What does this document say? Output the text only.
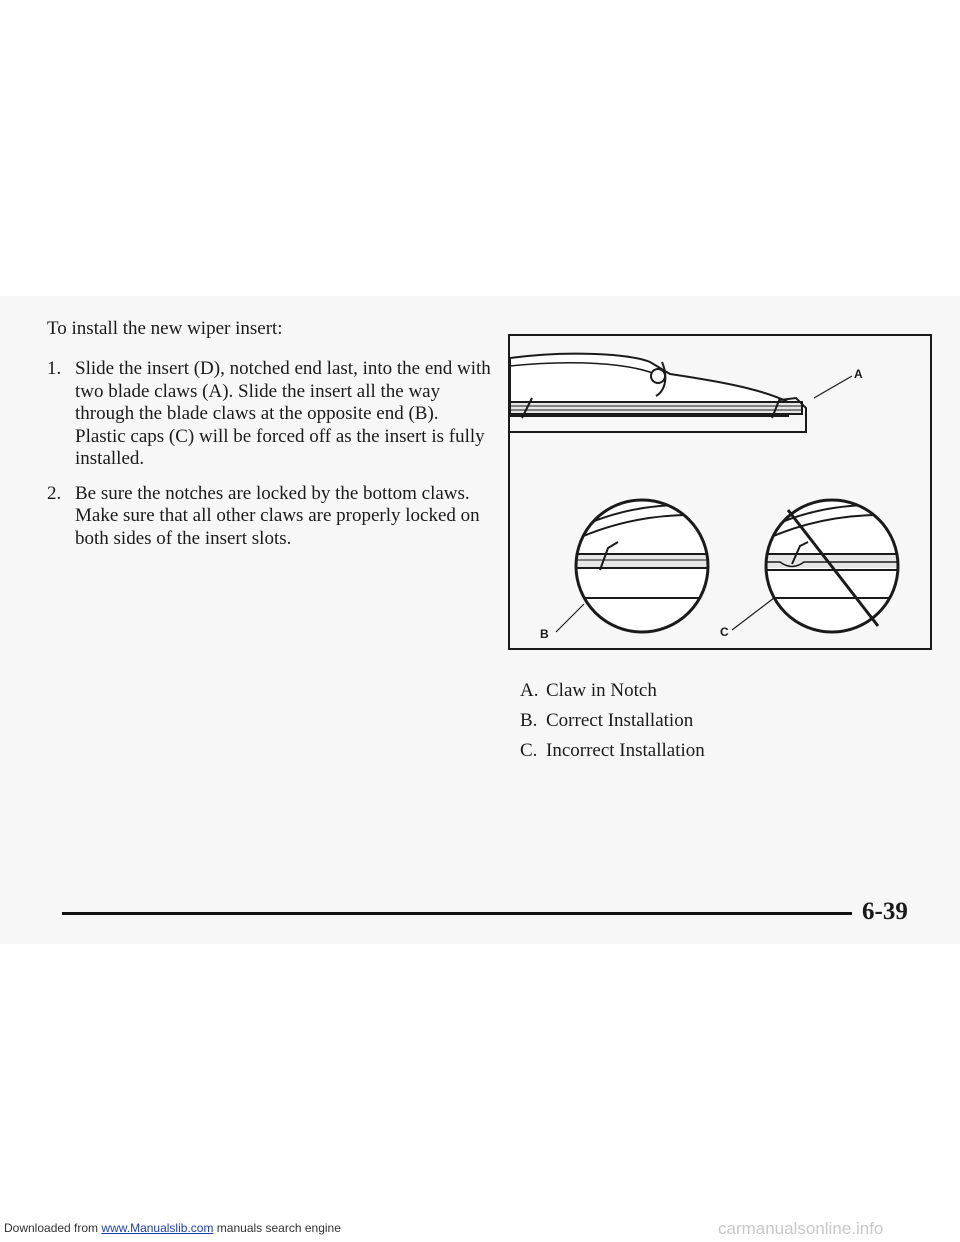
To install the new wiper insert:

1. Slide the insert (D), notched end last, into the end with two blade claws (A). Slide the insert all the way through the blade claws at the opposite end (B). Plastic caps (C) will be forced off as the insert is fully installed.
2. Be sure the notches are locked by the bottom claws. Make sure that all other claws are properly locked on both sides of the insert slots.
A
B	C
A. Claw in Notch
B. Correct Installation
C. Incorrect Installation
6-39
Downloaded from www.Manualslib.com manuals search engine	carmanualsonline.info
